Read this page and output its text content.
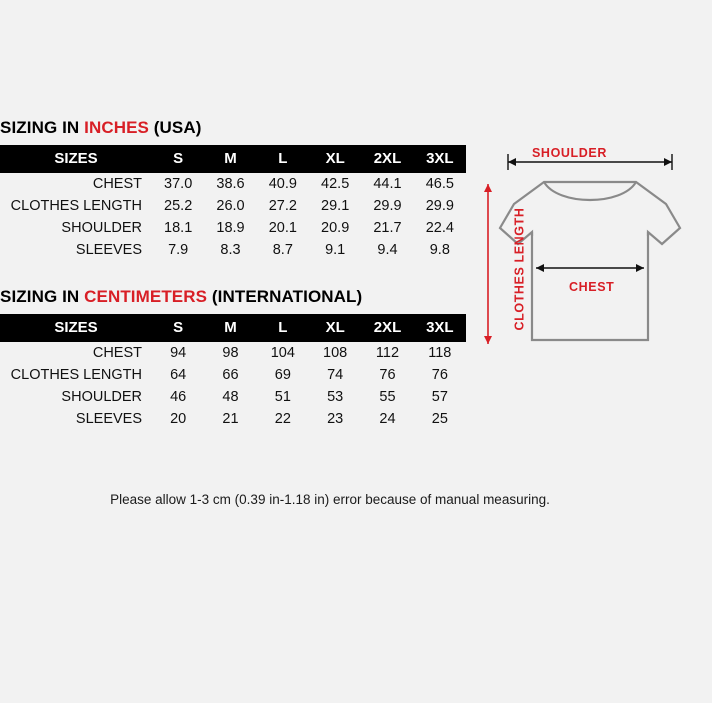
SIZING IN INCHES (USA)
SIZES	S	M	L	XL	2XL	3XL
CHEST	37.0	38.6	40.9	42.5	44.1	46.5
CLOTHES LENGTH	25.2	26.0	27.2	29.1	29.9	29.9
SHOULDER	18.1	18.9	20.1	20.9	21.7	22.4
SLEEVES	7.9	8.3	8.7	9.1	9.4	9.8
SIZING IN CENTIMETERS (INTERNATIONAL)
SIZES	S	M	L	XL	2XL	3XL
CHEST	94	98	104	108	112	118
CLOTHES LENGTH	64	66	69	74	76	76
SHOULDER	46	48	51	53	55	57
SLEEVES	20	21	22	23	24	25
Please allow 1-3 cm (0.39 in-1.18 in) error because of manual measuring.
SHOULDER
CHEST
CLOTHES LENGTH
